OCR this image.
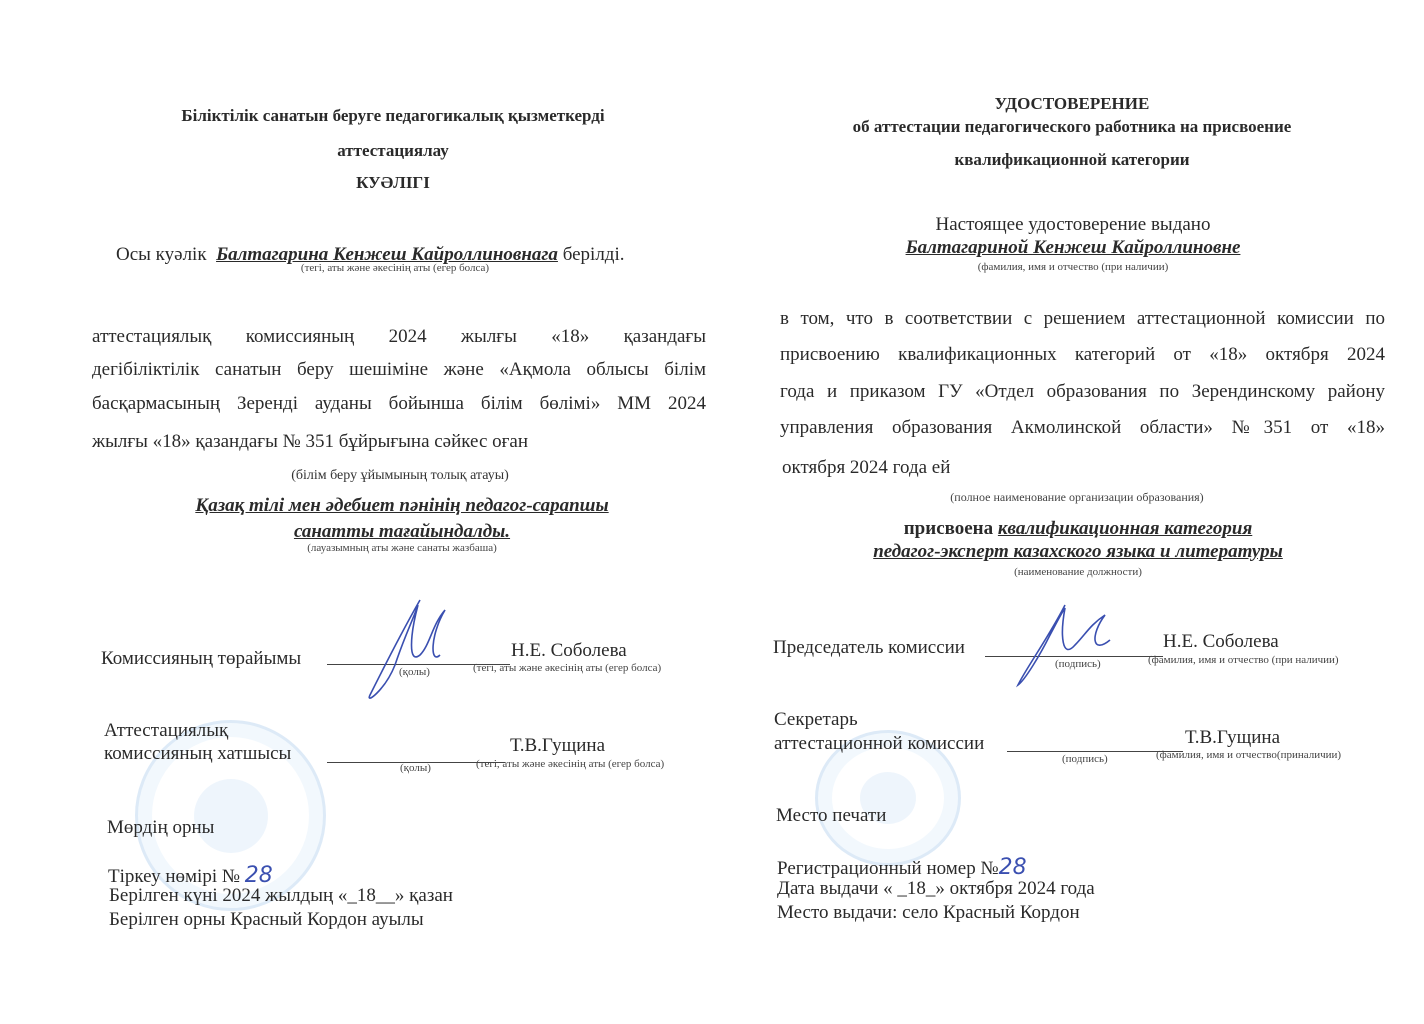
Біліктілік санатын беруге педагогикалық қызметкерді
аттестациялау
КУӘЛІГІ
Осы куәлік Балтагарина Кенжеш Кайроллиновнага берілді.
(тегі, аты және әкесінің аты (егер болса)
аттестациялық комиссияның 2024 жылғы «18» қазандағы
дегібіліктілік санатын беру шешіміне және «Ақмола облысы білім
басқармасының Зеренді ауданы бойынша білім бөлімі» ММ 2024
жылғы «18» қазандағы № 351 бұйрығына сәйкес оған
(білім беру ұйымының толық атауы)
Қазақ тілі мен әдебиет пәнінің педагог-сарапшы
санатты тағайындалды.
(лауазымның аты және санаты жазбаша)
Комиссияның төрайымы	Н.Е. Соболева
(қолы)	(тегі, аты және әкесінің аты (егер болса)
Аттестациялық
комиссияның хатшысы	Т.В.Гущина
(қолы)	(тегі, аты және әкесінің аты (егер болса)
Мөрдің орны
Тіркеу нөмірі № 28
Берілген күні 2024 жылдың «_18__» қазан
Берілген орны Красный Кордон ауылы
УДОСТОВЕРЕНИЕ
об аттестации педагогического работника на присвоение
квалификационной категории
Настоящее удостоверение выдано
Балтагариной Кенжеш Кайроллиновне
(фамилия, имя и отчество (при наличии)
в том, что в соответствии с решением аттестационной комиссии по
присвоению квалификационных категорий от «18» октября 2024
года и приказом ГУ «Отдел образования по Зерендинскому району
управления образования Акмолинской области» №351 от «18»
октября 2024 года ей
(полное наименование организации образования)
присвоена квалификационная категория
педагог-эксперт казахского языка и литературы
(наименование должности)
Председатель комиссии	Н.Е. Соболева
(подпись)	(фамилия, имя и отчество (при наличии)
Секретарь
аттестационной комиссии	Т.В.Гущина
(подпись)	(фамилия, имя и отчество(приналичии)
Место печати
Регистрационный номер №28
Дата выдачи « _18_» октября 2024 года
Место выдачи: село Красный Кордон
